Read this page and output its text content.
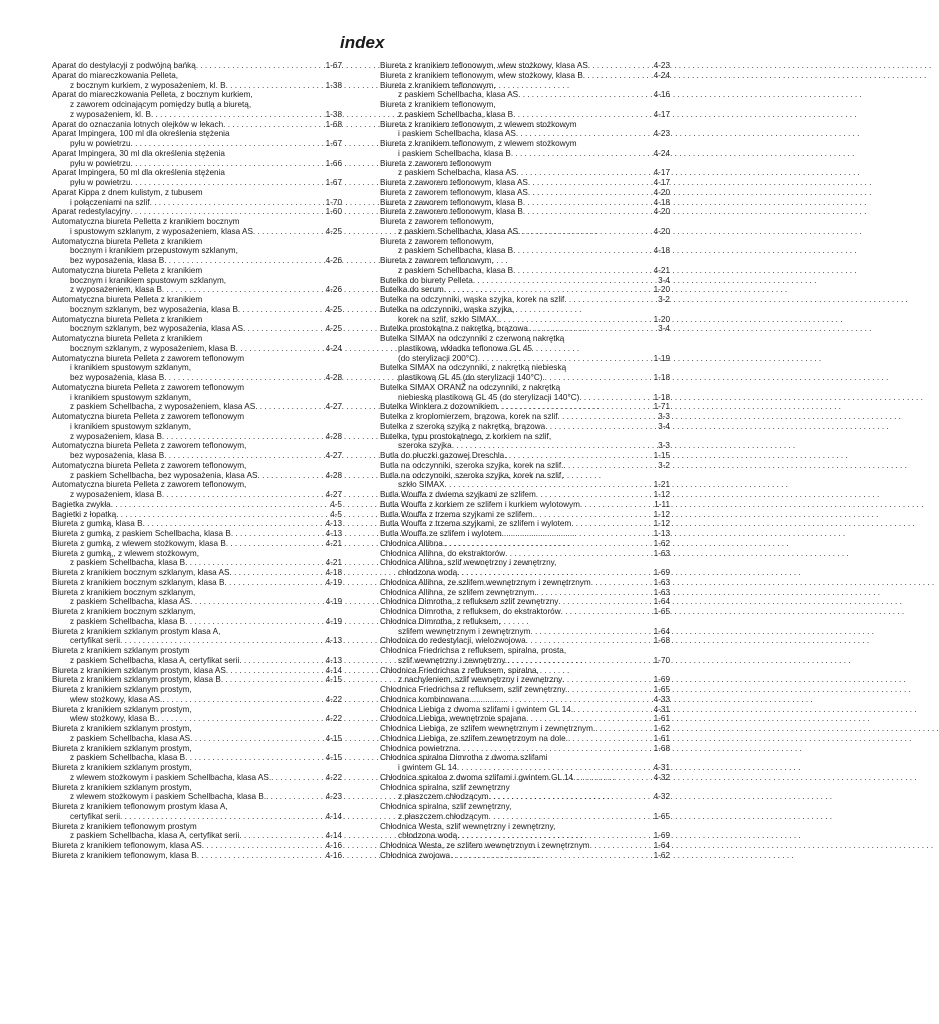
index
Aparat do destylacyjі z podwójną bańką . . .	1-67
Aparat do miareczkowania Pelleta,
z bocznym kurkiem, z wyposażeniem, kl. B . . .	1-38
Aparat do miareczkowania Pelleta, z bocznym kurkiem,
z zaworem odcinającym pomiędzy butlą a biuretą,
z wyposażeniem, kl. B . . .	1-38
Aparat do oznaczania lotnych olejków w lekach . . .	1-68
Aparat Impingera, 100 ml dla określenia stężenia
pyłu w powietrzu . . .	1-67
Aparat Impingera, 30 ml dla określenia stężenia
pyłu w powietrzu . . .	1-66
Aparat Impingera, 50 ml dla określenia stężenia
pyłu w powietrzu . . .	1-67
Aparat Kippa z dnem kulistym, z tubusem
i połączeniami na szlif . . .	1-70
Aparat redestylacyjny . . .	1-60
Automatyczna biureta Pelletta z kranikiem bocznym
i spustowym szklanym, z wyposażeniem, klasa AS . . .	4-25
Automatyczna biureta Pelleta z kranikiem
bocznym i kranikiem przepustowym szklanym,
bez wyposażenia, klasa B . . .	4-26
Automatyczna biureta Pelleta z kranikiem
bocznym i kranikiem spustowym szklanym,
z wyposażeniem, klasa B . . .	4-26
Automatyczna biureta Pelleta z kranikiem
bocznym szklanym, bez wyposażenia, klasa B . . .	4-25
Automatyczna biureta Pelleta z kranikiem
bocznym szklanym, bez wyposażenia, klasa AS . . .	4-25
Automatyczna biureta Pelleta z kranikiem
bocznym szklanym, z wyposażeniem, klasa B . . .	4-24
Automatyczna biureta Pelleta z zaworem teflonowym
i kranikiem spustowym szklanym,
bez wyposażenia, klasa B . . .	4-28
Automatyczna biureta Pelleta z zaworem teflonowym
i kranikiem spustowym szklanym,
z paskiem Schellbacha, z wyposażeniem, klasa AS . . .	4-27
Automatyczna biureta Pelleta z zaworem teflonowym
i kranikiem spustowym szklanym,
z wyposażeniem, klasa B . . .	4-28
Automatyczna biureta Pelleta z zaworem teflonowym,
bez wyposażenia, klasa B . . .	4-27
Automatyczna biureta Pelleta z zaworem teflonowym,
z paskiem Schellbacha, bez wyposażenia, klasa AS . . .	4-28
Automatyczna biureta Pelleta z zaworem teflonowym,
z wyposażeniem, klasa B . . .	4-27
Bagietka zwykła . . .	4-5
Bagietki z łopatką . . .	4-5
Biureta z gumką, klasa B . . .	4-13
Biureta z gumką, z paskiem Schellbacha, klasa B . . .	4-13
Biureta z gumką, z wlewem stożkowym, klasa B . . .	4-21
Biureta z gumką,, z wlewem stożkowym,
z paskiem Schellbacha, klasa B . . .	4-21
Biureta z kranikiem bocznym szklanym, klasa AS . . .	4-18
Biureta z kranikiem bocznym szklanym, klasa B . . .	4-19
Biureta z kranikiem bocznym szklanym,
z paskiem Schellbacha, klasa AS . . .	4-19
Biureta z kranikiem bocznym szklanym,
z paskiem Schellbacha, klasa B . . .	4-19
Biureta z kranikiem szklanym prostym klasa A,
certyfikat serii . . .	4-13
Biureta z kranikiem szklanym prostym
z paskiem Schellbacha, klasa A, certyfikat serii . . .	4-13
Biureta z kranikiem szklanym prostym, klasa AS . . .	4-14
Biureta z kranikiem szklanym prostym, klasa B . . .	4-15
Biureta z kranikiem szklanym prostym,
wlew stożkowy, klasa AS. . . .	4-22
Biureta z kranikiem szklanym prostym,
wlew stożkowy, klasa B. . . .	4-22
Biureta z kranikiem szklanym prostym,
z paskiem Schellbacha, klasa AS . . .	4-15
Biureta z kranikiem szklanym prostym,
z paskiem Schellbacha, klasa B . . .	4-15
Biureta z kranikiem szklanym prostym,
z wlewem stożkowym i paskiem Schellbacha, klasa AS. . . .	4-22
Biureta z kranikiem szklanym prostym,
z wlewem stożkowym i paskiem Schellbacha, klasa B. . . .	4-23
Biureta z kranikiem teflonowym prostym klasa A,
certyfikat serii . . .	4-14
Biureta z kranikiem teflonowym prostym
z paskiem Schellbacha, klasa A, certyfikat serii . . .	4-14
Biureta z kranikiem teflonowym, klasa AS . . .	4-16
Biureta z kranikiem teflonowym, klasa B . . .	4-16
Biureta z kranikiem teflonowym, wlew stożkowy, klasa AS . . .	4-23
Biureta z kranikiem teflonowym, wlew stożkowy, klasa B . . .	4-24
Biureta z kranikiem teflonowym,
z paskiem Schellbacha, klasa AS . . .	4-16
Biureta z kranikiem teflonowym,
z paskiem Schellbacha, klasa B . . .	4-17
Biureta z kranikiem teflonowym, z wlewem stożkowym
i paskiem Schellbacha, klasa AS . . .	4-23
Biureta z kranikiem teflonowym, z wlewem stożkowym
i paskiem Schellbacha, klasa B . . .	4-24
Biureta z zaworem teflonowym
z paskiem Schelbacha, klasa AS . . .	4-17
Biureta z zaworem teflonowym, klasa AS . . .	4-17
Biureta z zaworem teflonowym, klasa AS . . .	4-20
Biureta z zaworem teflonowym, klasa B . . .	4-18
Biureta z zaworem teflonowym, klasa B . . .	4-20
Biureta z zaworem teflonowym,
z paskiem Schellbacha, klasa AS . . .	4-20
Biureta z zaworem teflonowym,
z paskiem Schellbacha, klasa B . . .	4-18
Biureta z zaworem teflonowym,
z paskiem Schellbacha, klasa B . . .	4-21
Butelka do biurety Pelleta . . .	3-4
Butelka do serum . . .	1-20
Butelka na odczynniki, wąska szyjka, korek na szlif . . .	3-2
Butelka na odczynniki, wąska szyjka,
korek na szlif, szkło SIMAX. . . .	1-20
Butelka prostokątna z nakrętką, brązowa . . .	3-4
Butelka SIMAX na odczynniki z czerwoną nakrętką
plastikową, wkładka teflonowa GL 45
(do sterylizacji 200°C) . . .	1-19
Butelka SIMAX na odczynniki, z nakrętką niebieską
plastikową GL 45 (do sterylizacji 140°C). . . .	1-18
Butelka SIMAX ORANŽ na odczynniki, z nakrętką
niebieską plastikową GL 45 (do sterylizacji 140°C) . . .	1-18
Butelka Winklera z dozownikiem . . .	1-71
Butelka z kroplomierzem, brązowa, korek na szlif . . .	3-3
Butelka z szeroką szyjką z nakrętką, brązowa . . .	3-4
Butelka, typu prostokątnego, z korkiem na szlif,
szeroka szyjka . . .	3-3
Butla do płuczki gazowej Dreschla . . .	1-15
Butla na odczynniki, szeroka szyjka, korek na szlif. . . .	3-2
Butla na odczynniki, szeroka szyjka, korek na szlif,
szkło SIMAX . . .	1-21
Butla Wouffa z dwiema szyjkami ze szlifem . . .	1-12
Butla Wouffa z korkiem ze szlifem i kurkiem wylotowym . . .	1-11
Butla Wouffa z trzema szyjkami ze szlifem. . . .	1-12
Butla Wouffa z trzema szyjkami, ze szlifem i wylotem . . .	1-12
Butla Wouffa ze szlifem i wylotem . . .	1-13
Chłodnica Allihna. . . .	1-62
Chłodnica Allihna, do ekstraktorów . . .	1-63
Chłodnica Allihna, szlif wewnętrzny i zewnętrzny,
chłodzona wodą . . .	1-69
Chłodnica Allihna, ze szlifem wewnętrznym i zewnętrznym . . .	1-63
Chłodnica Allihna, ze szlifem zewnętrznym. . . .	1-63
Chłodnica Dimrotha, z refluksem szlif zewnętrzny . . .	1-64
Chłodnica Dimrotha, z refluksem, do ekstraktorów . . .	1-65
Chłodnica Dimrotha, z refluksem,
szlifem wewnętrznym i zewnętrznym . . .	1-64
Chłodnica do redestylacji, wielozwojowa . . .	1-68
Chłodnica Friedrichsa z refluksem, spiralna, prosta,
szlif wewnętrzny i zewnętrzny. . . .	1-70
Chłodnica Friedrichsa z refluksem, spiralna,
z nachyleniem, szlif wewnętrzny i zewnętrzny . . .	1-69
Chłodnica Friedrichsa z refluksem, szlif zewnętrzny. . . .	1-65
Chłodnica kombinowana . . .	4-33
Chłodnica Liebiga z dwoma szlifami i gwintem GL 14. . . .	4-31
Chłodnica Liebiga, wewnętrznie spajana . . .	1-61
Chłodnica Liebiga, ze szlifem wewnętrznym i zewnętrznym. . . .	1-62
Chłodnica Liebiga, ze szlifem zewnętrznym na dole. . . .	1-61
Chłodnica powietrzna . . .	1-68
Chłodnica spiralna Dimrotha z dwoma szlifami
i gwintem GL 14 . . .	4-31
Chłodnica spiralna z dwoma szlifami i gwintem GL 14 . . .	4-32
Chłodnica spiralna, szlif zewnętrzny
z płaszczem chłodzącym . . .	4-32
Chłodnica spiralna, szlif zewnętrzny,
z płaszczem chłodzącym . . .	1-65
Chłodnica Westa, szlif wewnętrzny i zewnętrzny,
chłodzona wodą . . .	1-69
Chłodnica Westa, ze szlifem wewnętrznym i zewnętrznym . . .	1-64
Chłodnica zwojowa . . .	1-62
